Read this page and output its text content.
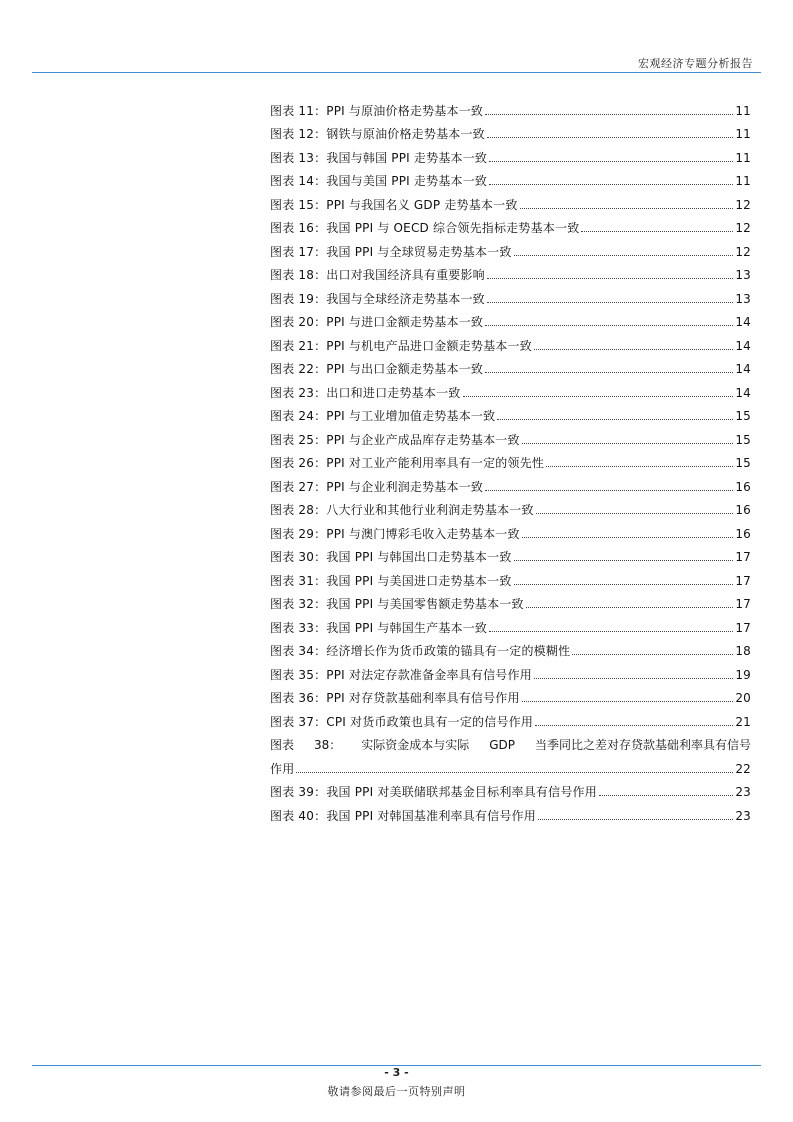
宏观经济专题分析报告
图表 11：PPI 与原油价格走势基本一致	11
图表 12：钢铁与原油价格走势基本一致	11
图表 13：我国与韩国 PPI 走势基本一致	11
图表 14：我国与美国 PPI 走势基本一致	11
图表 15：PPI 与我国名义 GDP 走势基本一致	12
图表 16：我国 PPI 与 OECD 综合领先指标走势基本一致	12
图表 17：我国 PPI 与全球贸易走势基本一致	12
图表 18：出口对我国经济具有重要影响	13
图表 19：我国与全球经济走势基本一致	13
图表 20：PPI 与进口金额走势基本一致	14
图表 21：PPI 与机电产品进口金额走势基本一致	14
图表 22：PPI 与出口金额走势基本一致	14
图表 23：出口和进口走势基本一致	14
图表 24：PPI 与工业增加值走势基本一致	15
图表 25：PPI 与企业产成品库存走势基本一致	15
图表 26：PPI 对工业产能利用率具有一定的领先性	15
图表 27：PPI 与企业利润走势基本一致	16
图表 28：八大行业和其他行业利润走势基本一致	16
图表 29：PPI 与澳门博彩毛收入走势基本一致	16
图表 30：我国 PPI 与韩国出口走势基本一致	17
图表 31：我国 PPI 与美国进口走势基本一致	17
图表 32：我国 PPI 与美国零售额走势基本一致	17
图表 33：我国 PPI 与韩国生产基本一致	17
图表 34：经济增长作为货币政策的锚具有一定的模糊性	18
图表 35：PPI 对法定存款准备金率具有信号作用	19
图表 36：PPI 对存贷款基础利率具有信号作用	20
图表 37：CPI 对货币政策也具有一定的信号作用	21
图表 38： 实际资金成本与实际 GDP 当季同比之差对存贷款基础利率具有信号
作用	22
图表 39：我国 PPI 对美联储联邦基金目标利率具有信号作用	23
图表 40：我国 PPI 对韩国基准利率具有信号作用	23
- 3 -
敬请参阅最后一页特别声明
